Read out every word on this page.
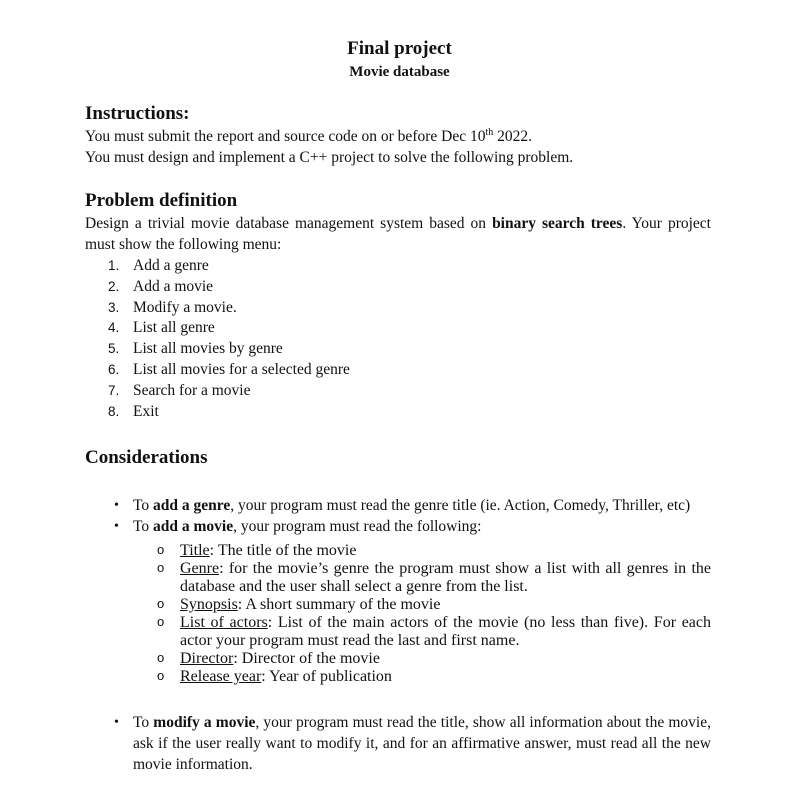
Final project
Movie database
Instructions:
You must submit the report and source code on or before Dec 10th 2022.
You must design and implement a C++ project to solve the following problem.
Problem definition
Design a trivial movie database management system based on binary search trees. Your project must show the following menu:
1. Add a genre
2. Add a movie
3. Modify a movie.
4. List all genre
5. List all movies by genre
6. List all movies for a selected genre
7. Search for a movie
8. Exit
Considerations
• To add a genre, your program must read the genre title (ie. Action, Comedy, Thriller, etc)
• To add a movie, your program must read the following:
o Title: The title of the movie
o Genre: for the movie’s genre the program must show a list with all genres in the database and the user shall select a genre from the list.
o Synopsis: A short summary of the movie
o List of actors: List of the main actors of the movie (no less than five). For each actor your program must read the last and first name.
o Director: Director of the movie
o Release year: Year of publication
• To modify a movie, your program must read the title, show all information about the movie, ask if the user really want to modify it, and for an affirmative answer, must read all the new movie information.
